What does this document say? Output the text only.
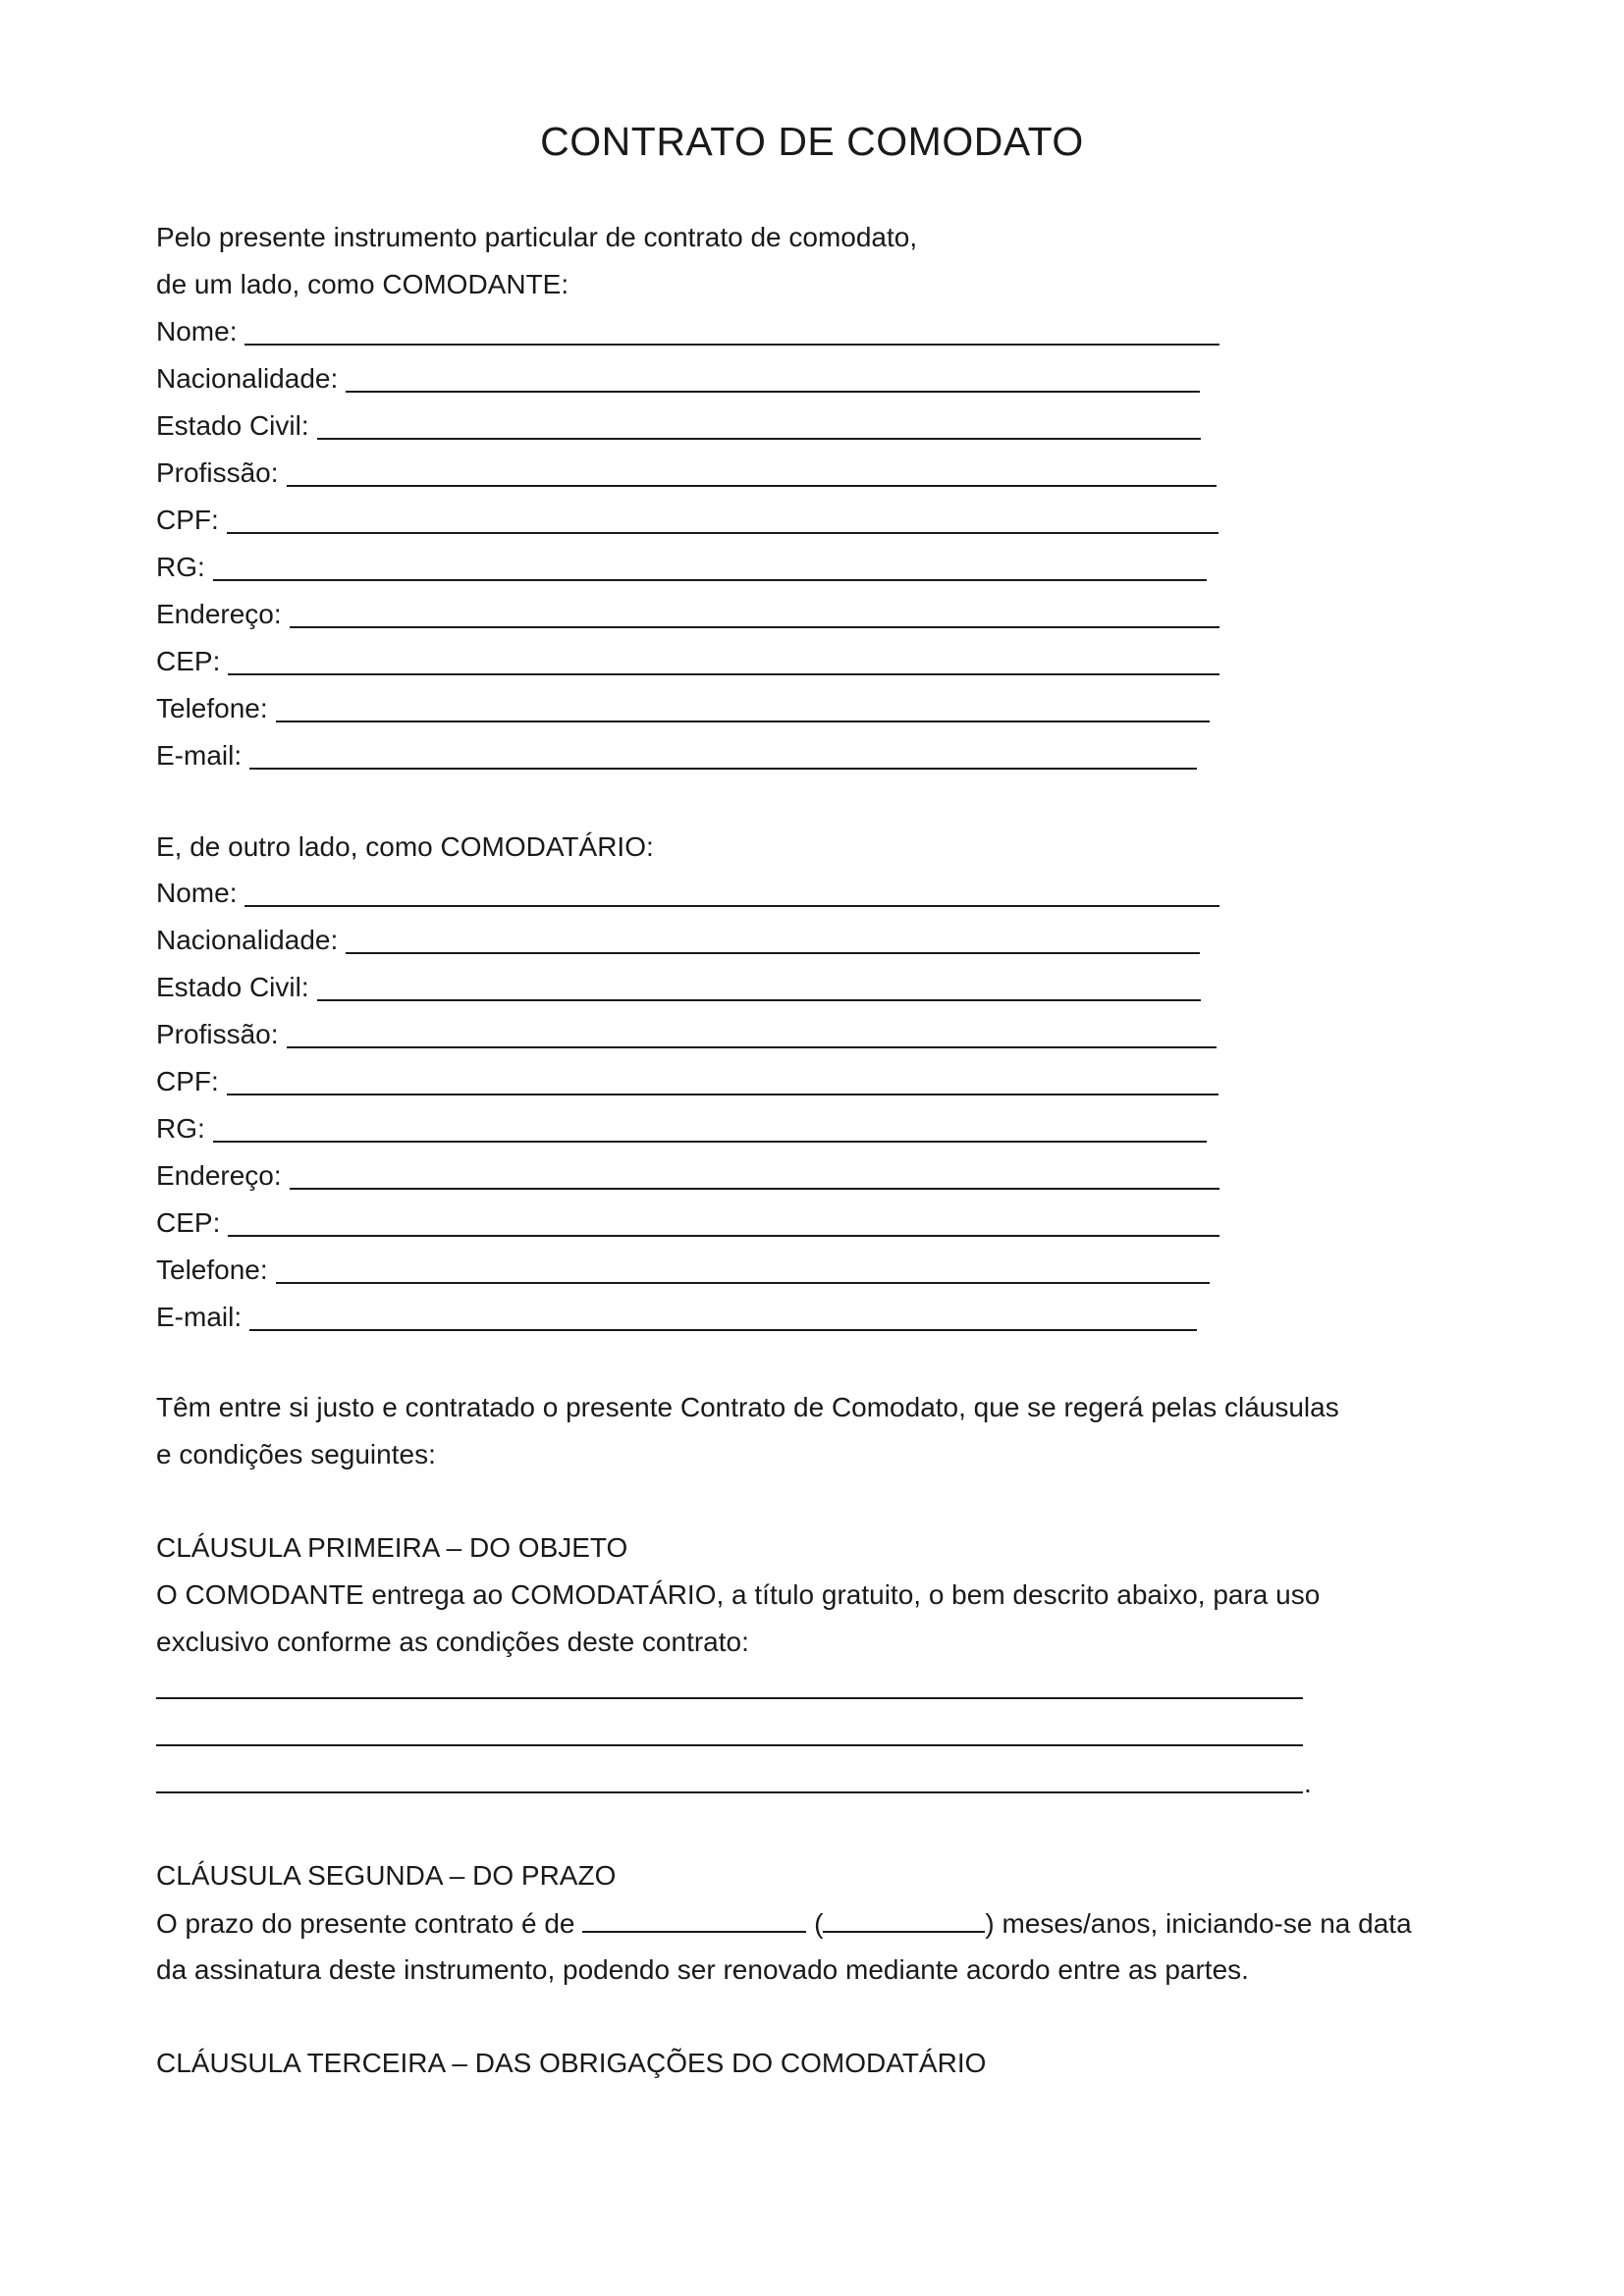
CONTRATO DE COMODATO
Pelo presente instrumento particular de contrato de comodato,
de um lado, como COMODANTE:
Nome:
Nacionalidade:
Estado Civil:
Profissão:
CPF:
RG:
Endereço:
CEP:
Telefone:
E-mail:
E, de outro lado, como COMODATÁRIO:
Nome:
Nacionalidade:
Estado Civil:
Profissão:
CPF:
RG:
Endereço:
CEP:
Telefone:
E-mail:
Têm entre si justo e contratado o presente Contrato de Comodato, que se regerá pelas cláusulas
e condições seguintes:
CLÁUSULA PRIMEIRA – DO OBJETO
O COMODANTE entrega ao COMODATÁRIO, a título gratuito, o bem descrito abaixo, para uso
exclusivo conforme as condições deste contrato:
.
CLÁUSULA SEGUNDA – DO PRAZO
O prazo do presente contrato é de	(	) meses/anos, iniciando-se na data
da assinatura deste instrumento, podendo ser renovado mediante acordo entre as partes.
CLÁUSULA TERCEIRA – DAS OBRIGAÇÕES DO COMODATÁRIO
